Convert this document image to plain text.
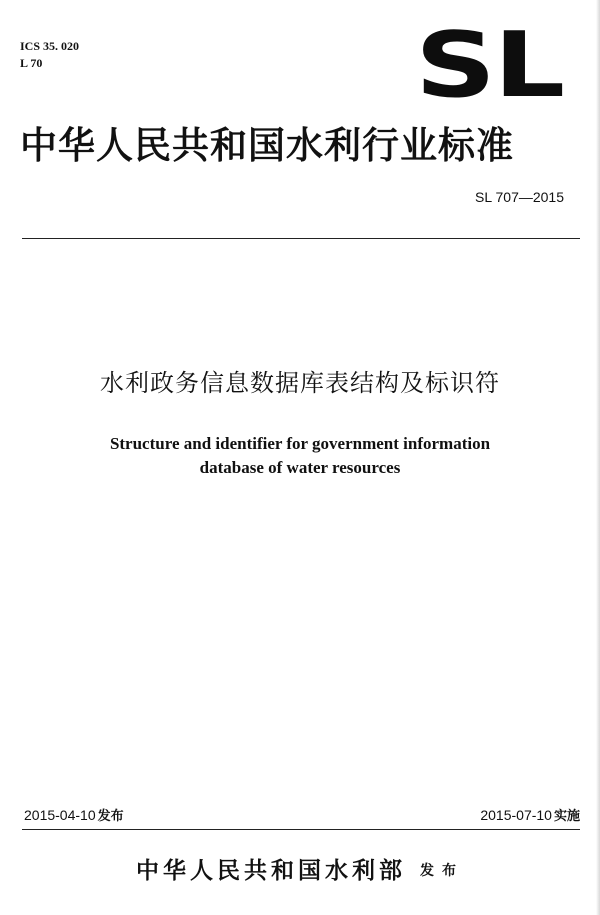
ICS 35. 020
L 70	SL
中华人民共和国水利行业标准
SL 707—2015
水利政务信息数据库表结构及标识符
Structure and identifier for government information
database of water resources
2015-04-10 发布	2015-07-10 实施
中华人民共和国水利部 发布
